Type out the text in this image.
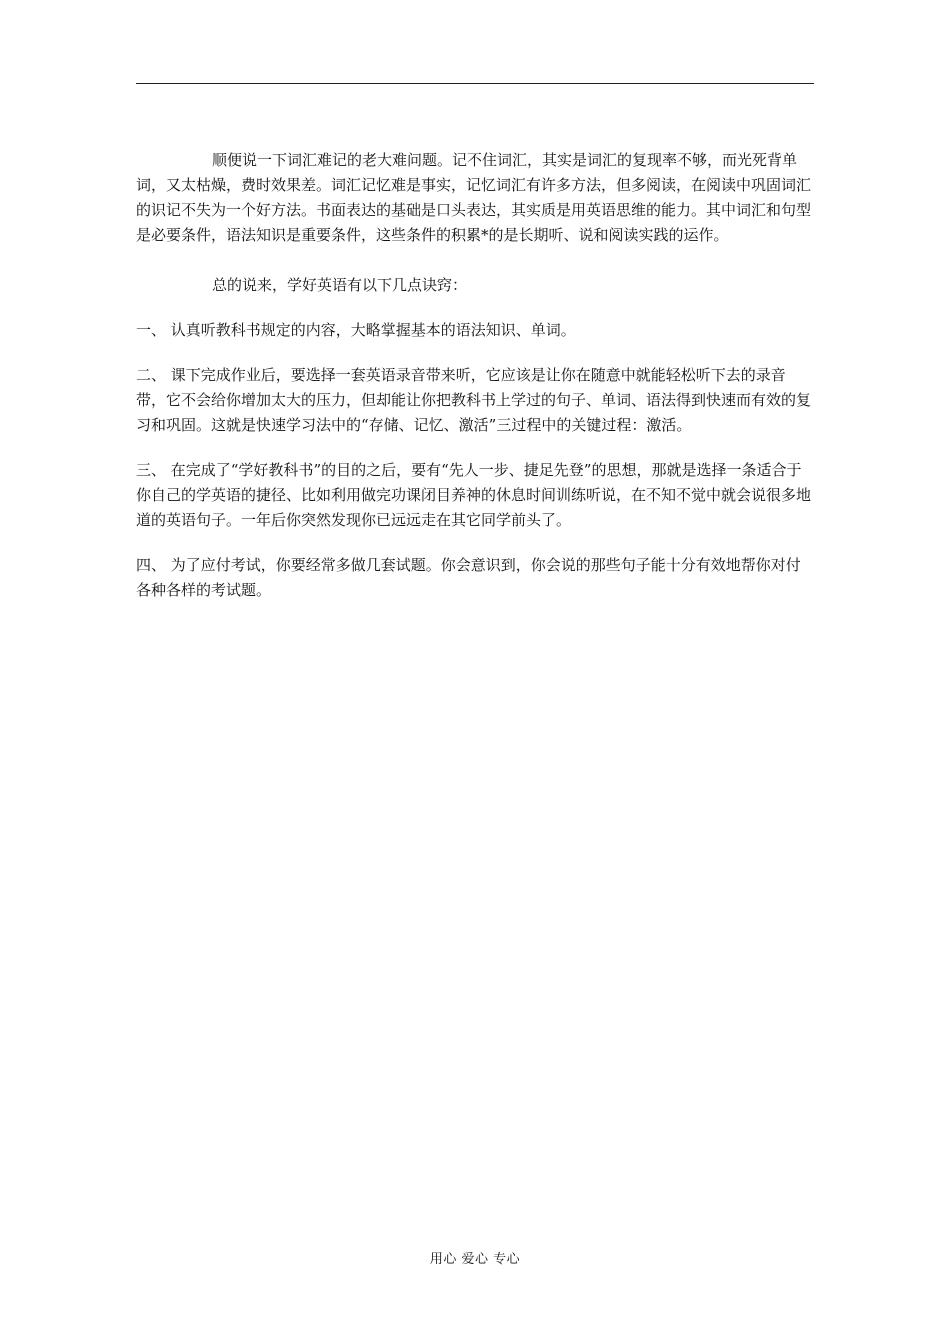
顺便说一下词汇难记的老大难问题。记不住词汇，其实是词汇的复现率不够，而光死背单词，又太枯燥，费时效果差。词汇记忆难是事实，记忆词汇有许多方法，但多阅读，在阅读中巩固词汇的识记不失为一个好方法。书面表达的基础是口头表达，其实质是用英语思维的能力。其中词汇和句型是必要条件，语法知识是重要条件，这些条件的积累*的是长期听、说和阅读实践的运作。

总的说来，学好英语有以下几点诀窍：

一、 认真听教科书规定的内容，大略掌握基本的语法知识、单词。

二、 课下完成作业后，要选择一套英语录音带来听，它应该是让你在随意中就能轻松听下去的录音带，它不会给你增加太大的压力，但却能让你把教科书上学过的句子、单词、语法得到快速而有效的复习和巩固。这就是快速学习法中的“存储、记忆、激活”三过程中的关键过程：激活。

三、 在完成了“学好教科书”的目的之后，要有“先人一步、捷足先登”的思想，那就是选择一条适合于你自己的学英语的捷径、比如利用做完功课闭目养神的休息时间训练听说，在不知不觉中就会说很多地道的英语句子。一年后你突然发现你已远远走在其它同学前头了。

四、 为了应付考试，你要经常多做几套试题。你会意识到，你会说的那些句子能十分有效地帮你对付各种各样的考试题。

用心 爱心 专心
